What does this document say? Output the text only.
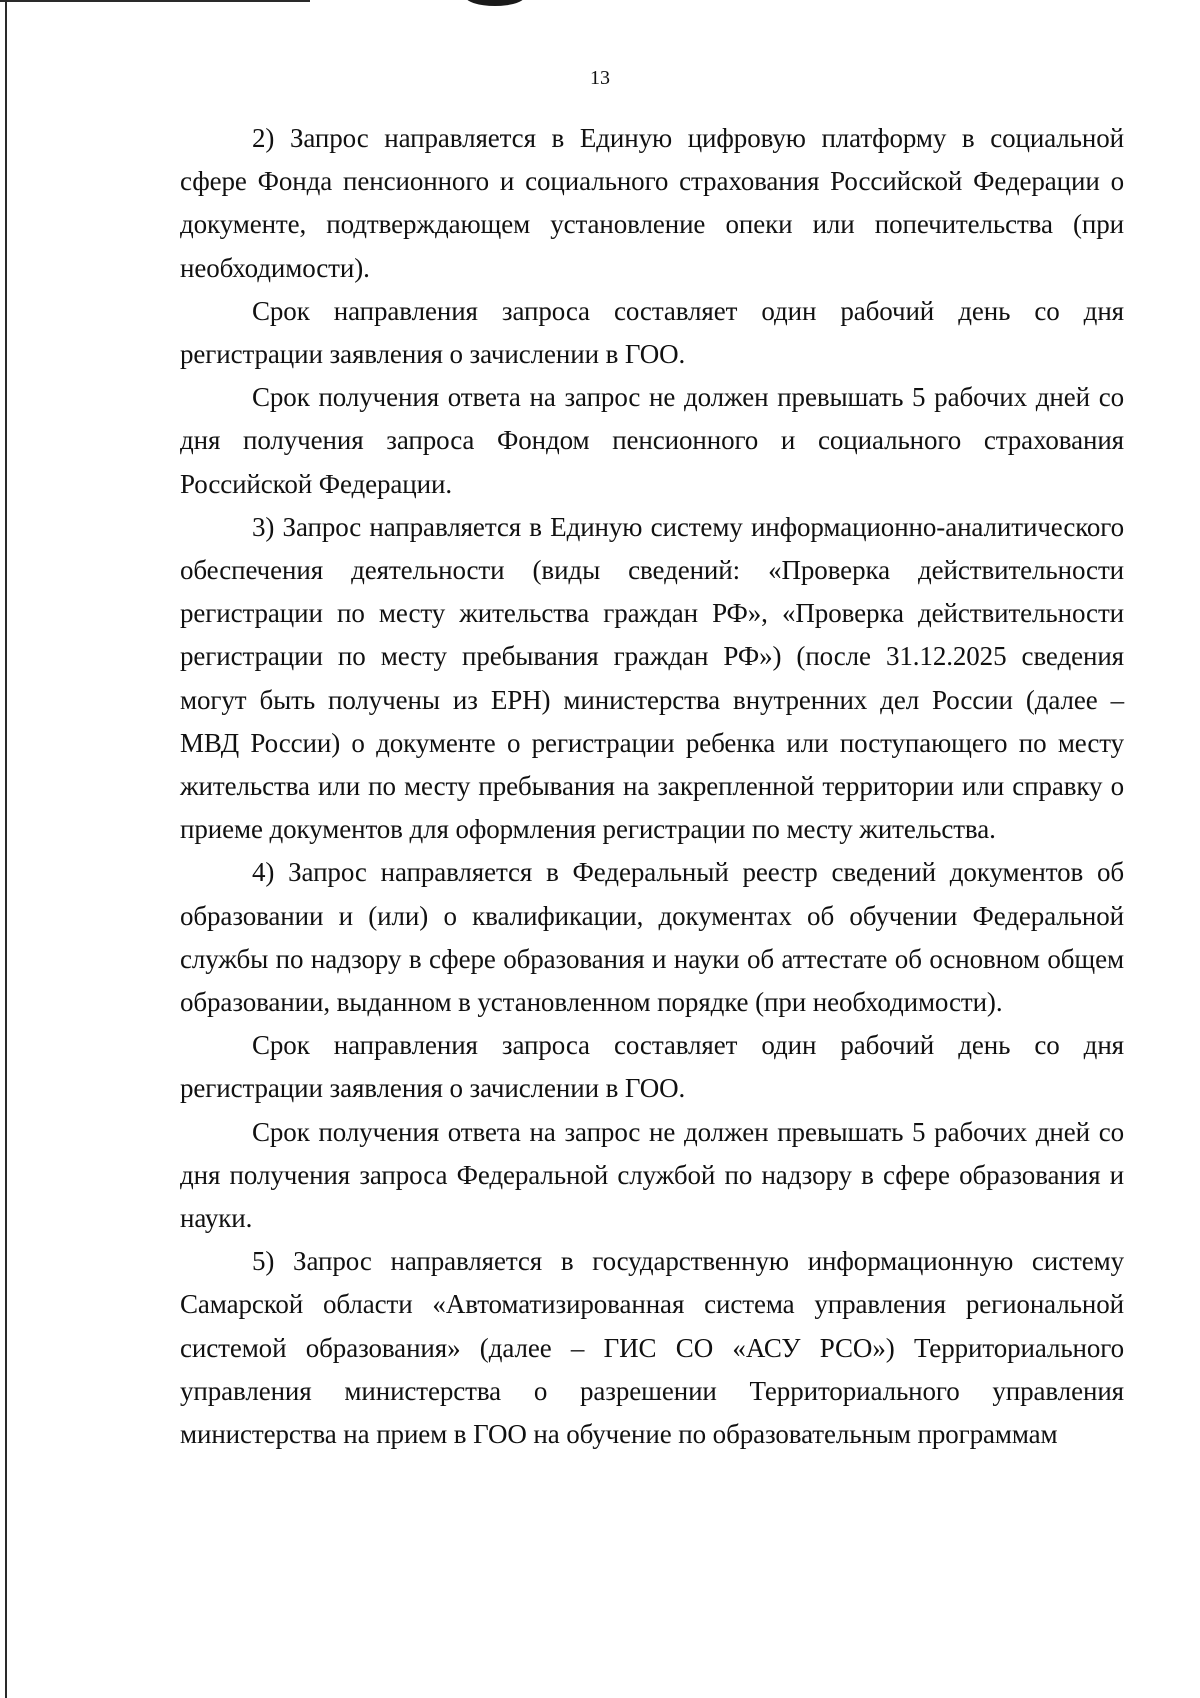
13

2) Запрос направляется в Единую цифровую платформу в социальной сфере Фонда пенсионного и социального страхования Российской Федерации о документе, подтверждающем установление опеки или попечительства (при необходимости).

Срок направления запроса составляет один рабочий день со дня регистрации заявления о зачислении в ГОО.

Срок получения ответа на запрос не должен превышать 5 рабочих дней со дня получения запроса Фондом пенсионного и социального страхования Российской Федерации.

3) Запрос направляется в Единую систему информационно-аналитического обеспечения деятельности (виды сведений: «Проверка действительности регистрации по месту жительства граждан РФ», «Проверка действительности регистрации по месту пребывания граждан РФ») (после 31.12.2025 сведения могут быть получены из ЕРН) министерства внутренних дел России (далее – МВД России) о документе о регистрации ребенка или поступающего по месту жительства или по месту пребывания на закрепленной территории или справку о приеме документов для оформления регистрации по месту жительства.

4) Запрос направляется в Федеральный реестр сведений документов об образовании и (или) о квалификации, документах об обучении Федеральной службы по надзору в сфере образования и науки об аттестате об основном общем образовании, выданном в установленном порядке (при необходимости).

Срок направления запроса составляет один рабочий день со дня регистрации заявления о зачислении в ГОО.

Срок получения ответа на запрос не должен превышать 5 рабочих дней со дня получения запроса Федеральной службой по надзору в сфере образования и науки.

5) Запрос направляется в государственную информационную систему Самарской области «Автоматизированная система управления региональной системой образования» (далее – ГИС СО «АСУ РСО») Территориального управления министерства о разрешении Территориального управления министерства на прием в ГОО на обучение по образовательным программам
